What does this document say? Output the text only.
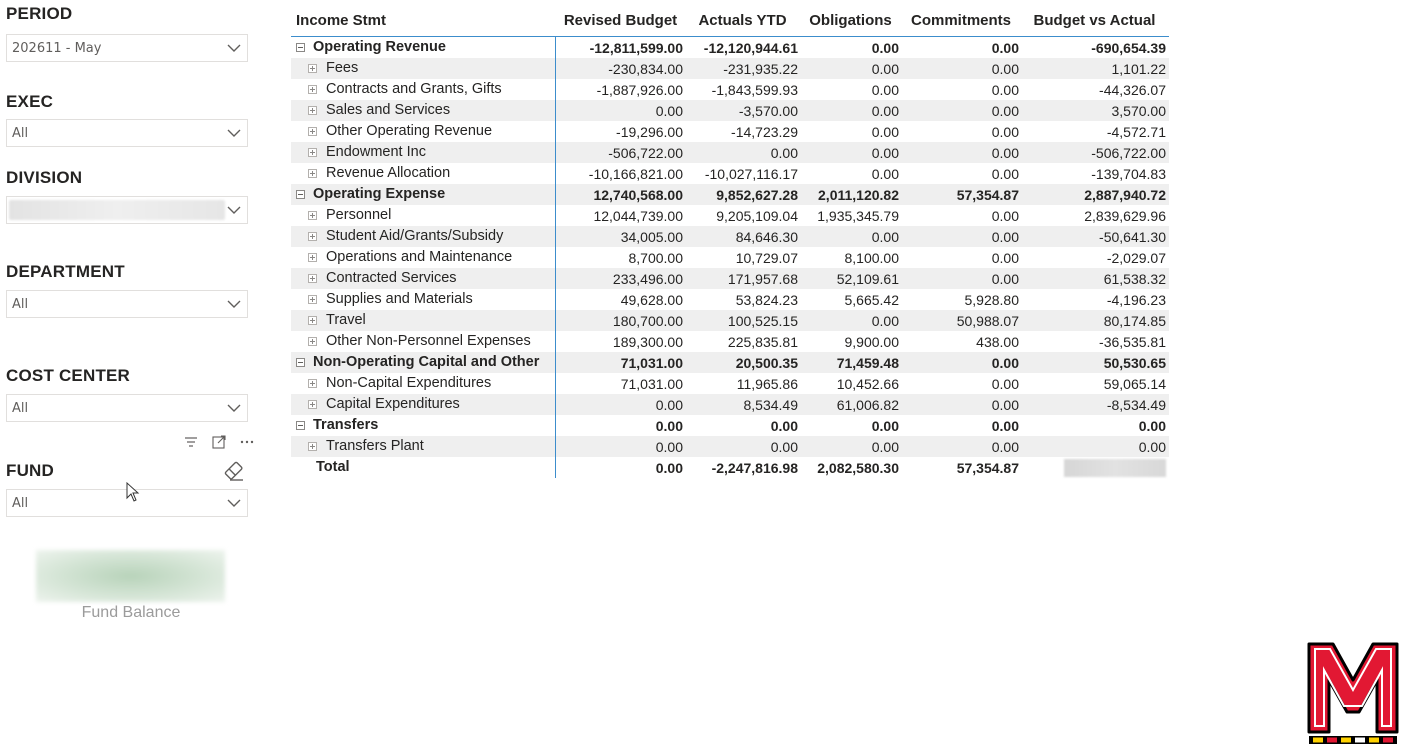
PERIOD
202611 - May
EXEC
All
DIVISION
DEPARTMENT
All
COST CENTER
All
FUND
All
Fund Balance
Income Stmt	Revised Budget	Actuals YTD	Obligations	Commitments	Budget vs Actual
Operating Revenue	-12,811,599.00	-12,120,944.61	0.00	0.00	-690,654.39
Fees	-230,834.00	-231,935.22	0.00	0.00	1,101.22
Contracts and Grants, Gifts	-1,887,926.00	-1,843,599.93	0.00	0.00	-44,326.07
Sales and Services	0.00	-3,570.00	0.00	0.00	3,570.00
Other Operating Revenue	-19,296.00	-14,723.29	0.00	0.00	-4,572.71
Endowment Inc	-506,722.00	0.00	0.00	0.00	-506,722.00
Revenue Allocation	-10,166,821.00	-10,027,116.17	0.00	0.00	-139,704.83
Operating Expense	12,740,568.00	9,852,627.28	2,011,120.82	57,354.87	2,887,940.72
Personnel	12,044,739.00	9,205,109.04	1,935,345.79	0.00	2,839,629.96
Student Aid/Grants/Subsidy	34,005.00	84,646.30	0.00	0.00	-50,641.30
Operations and Maintenance	8,700.00	10,729.07	8,100.00	0.00	-2,029.07
Contracted Services	233,496.00	171,957.68	52,109.61	0.00	61,538.32
Supplies and Materials	49,628.00	53,824.23	5,665.42	5,928.80	-4,196.23
Travel	180,700.00	100,525.15	0.00	50,988.07	80,174.85
Other Non-Personnel Expenses	189,300.00	225,835.81	9,900.00	438.00	-36,535.81
Non-Operating Capital and Other	71,031.00	20,500.35	71,459.48	0.00	50,530.65
Non-Capital Expenditures	71,031.00	11,965.86	10,452.66	0.00	59,065.14
Capital Expenditures	0.00	8,534.49	61,006.82	0.00	-8,534.49
Transfers	0.00	0.00	0.00	0.00	0.00
Transfers Plant	0.00	0.00	0.00	0.00	0.00
Total	0.00	-2,247,816.98	2,082,580.30	57,354.87
